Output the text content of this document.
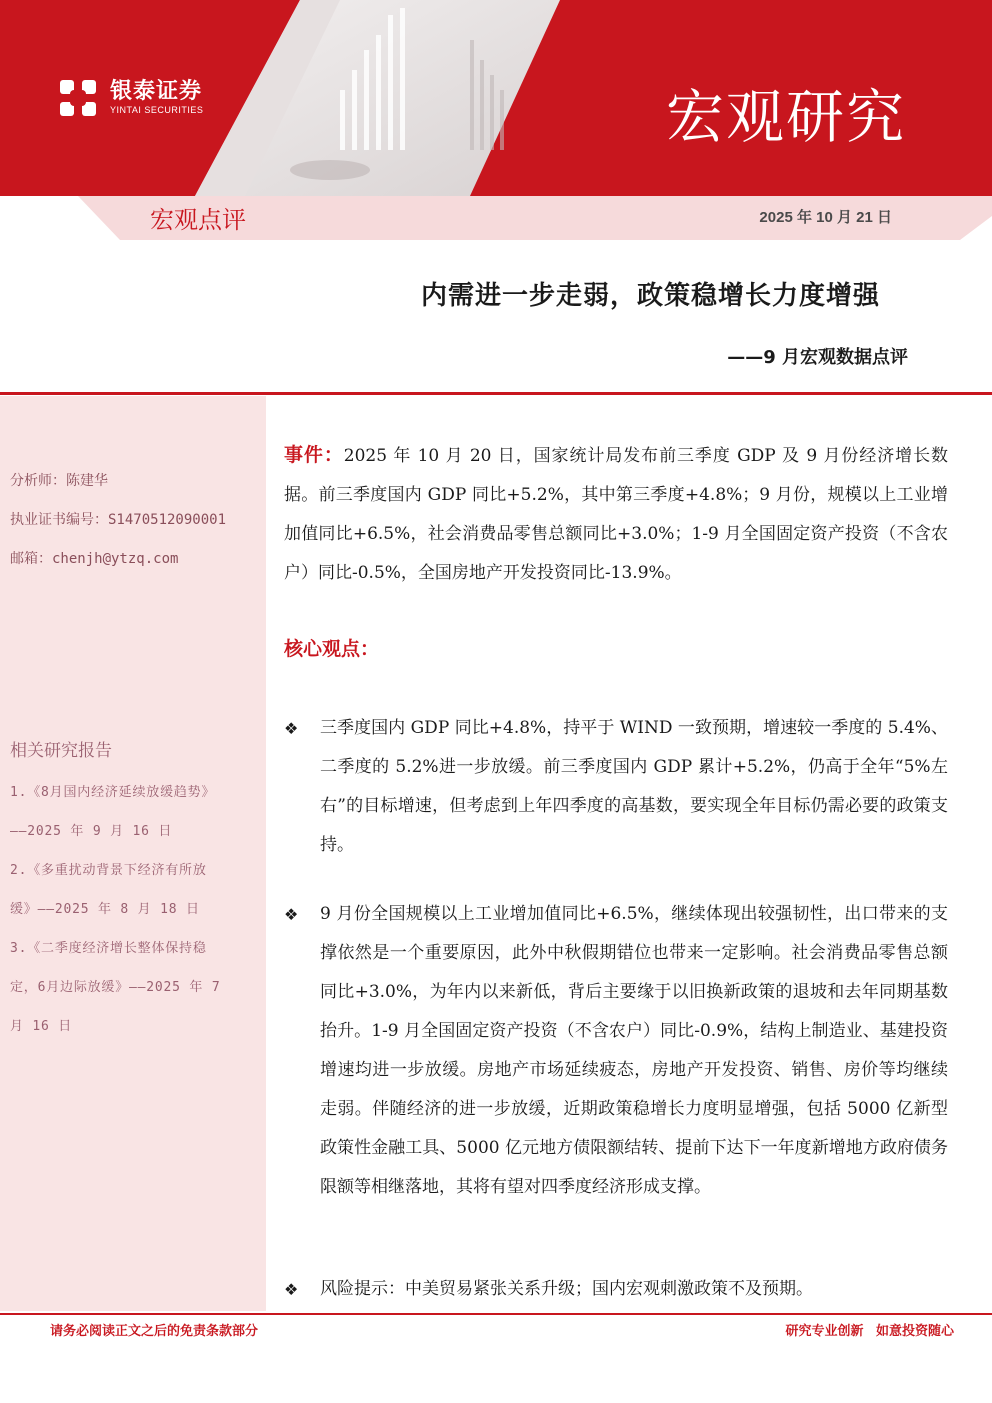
银泰证券
YINTAI SECURITIES	宏观研究
宏观点评	2025 年 10 月 21 日
内需进一步走弱，政策稳增长力度增强
——9 月宏观数据点评
分析师：陈建华
执业证书编号：S1470512090001
邮箱：chenjh@ytzq.com
相关研究报告
1.《8月国内经济延续放缓趋势》
——2025 年 9 月 16 日
2.《多重扰动背景下经济有所放
缓》——2025 年 8 月 18 日
3.《二季度经济增长整体保持稳
定，6月边际放缓》——2025 年 7
月 16 日
事件：2025 年 10 月 20 日，国家统计局发布前三季度 GDP 及 9 月份经济增长数据。前三季度国内 GDP 同比+5.2%，其中第三季度+4.8%；9 月份，规模以上工业增加值同比+6.5%，社会消费品零售总额同比+3.0%；1-9 月全国固定资产投资（不含农户）同比-0.5%，全国房地产开发投资同比-13.9%。
核心观点：
❖	三季度国内 GDP 同比+4.8%，持平于 WIND 一致预期，增速较一季度的 5.4%、二季度的 5.2%进一步放缓。前三季度国内 GDP 累计+5.2%，仍高于全年“5%左右”的目标增速，但考虑到上年四季度的高基数，要实现全年目标仍需必要的政策支持。
❖	9 月份全国规模以上工业增加值同比+6.5%，继续体现出较强韧性，出口带来的支撑依然是一个重要原因，此外中秋假期错位也带来一定影响。社会消费品零售总额同比+3.0%，为年内以来新低，背后主要缘于以旧换新政策的退坡和去年同期基数抬升。1-9 月全国固定资产投资（不含农户）同比-0.9%，结构上制造业、基建投资增速均进一步放缓。房地产市场延续疲态，房地产开发投资、销售、房价等均继续走弱。伴随经济的进一步放缓，近期政策稳增长力度明显增强，包括 5000 亿新型政策性金融工具、5000 亿元地方债限额结转、提前下达下一年度新增地方政府债务限额等相继落地，其将有望对四季度经济形成支撑。
❖	风险提示：中美贸易紧张关系升级；国内宏观刺激政策不及预期。
请务必阅读正文之后的免责条款部分	研究专业创新 如意投资随心
